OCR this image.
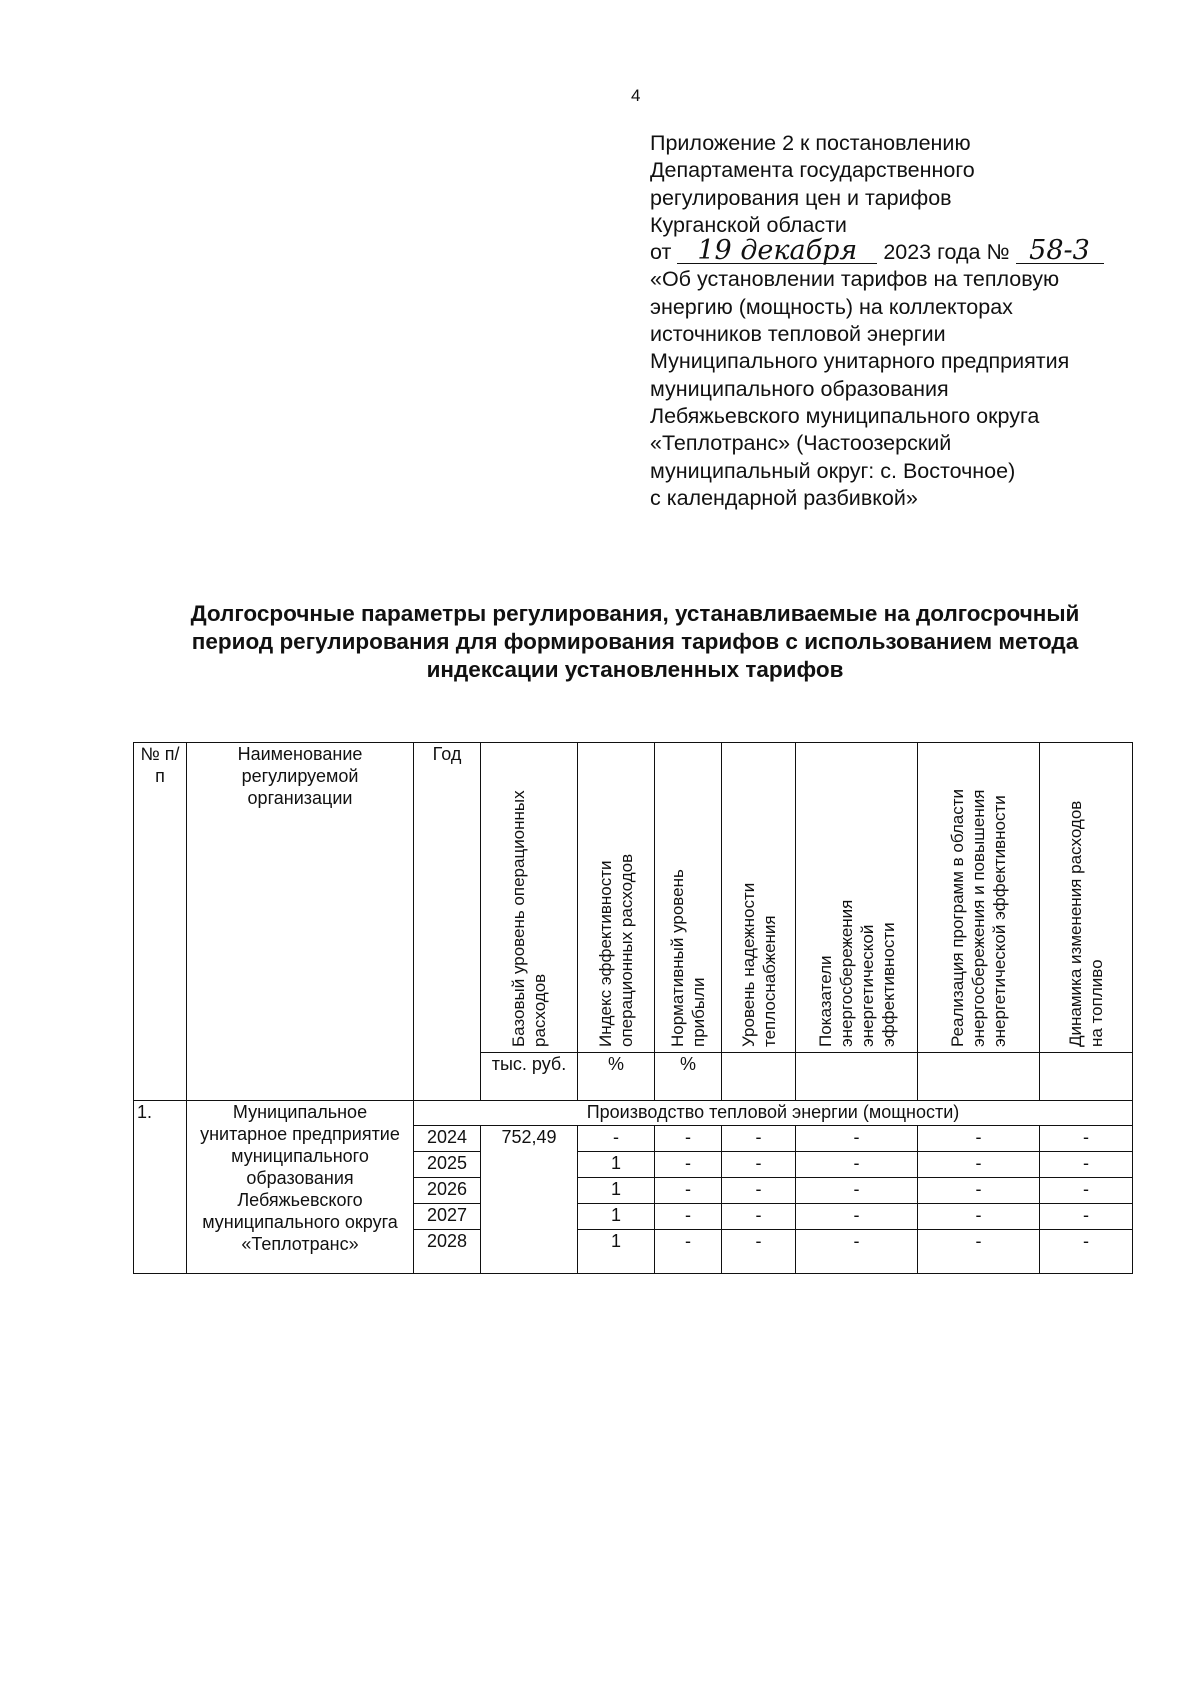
4
Приложение 2 к постановлению
Департамента государственного
регулирования цен и тарифов
Курганской области
от 19 декабря 2023 года № 58-3
«Об установлении тарифов на тепловую
энергию (мощность) на коллекторах
источников тепловой энергии
Муниципального унитарного предприятия
муниципального образования
Лебяжьевского муниципального округа
«Теплотранс» (Частоозерский
муниципальный округ: с. Восточное)
с календарной разбивкой»
Долгосрочные параметры регулирования, устанавливаемые на долгосрочный
период регулирования для формирования тарифов с использованием метода
индексации установленных тарифов
№ п/п	Наименование регулируемой организации	Год	Базовый уровень операционных расходов	Индекс эффективности операционных расходов	Нормативный уровень прибыли	Уровень надежности теплоснабжения	Показатели энергосбережения энергетической эффективности	Реализация программ в области энергосбережения и повышения энергетической эффективности	Динамика изменения расходов на топливо
			тыс. руб.	%	%				
1.	Муниципальное унитарное предприятие муниципального образования Лебяжьевского муниципального округа «Теплотранс»	Производство тепловой энергии (мощности)							
		2024	752,49	-	-	-	-	-	-
		2025		1	-	-	-	-	-
		2026		1	-	-	-	-	-
		2027		1	-	-	-	-	-
		2028		1	-	-	-	-	-
